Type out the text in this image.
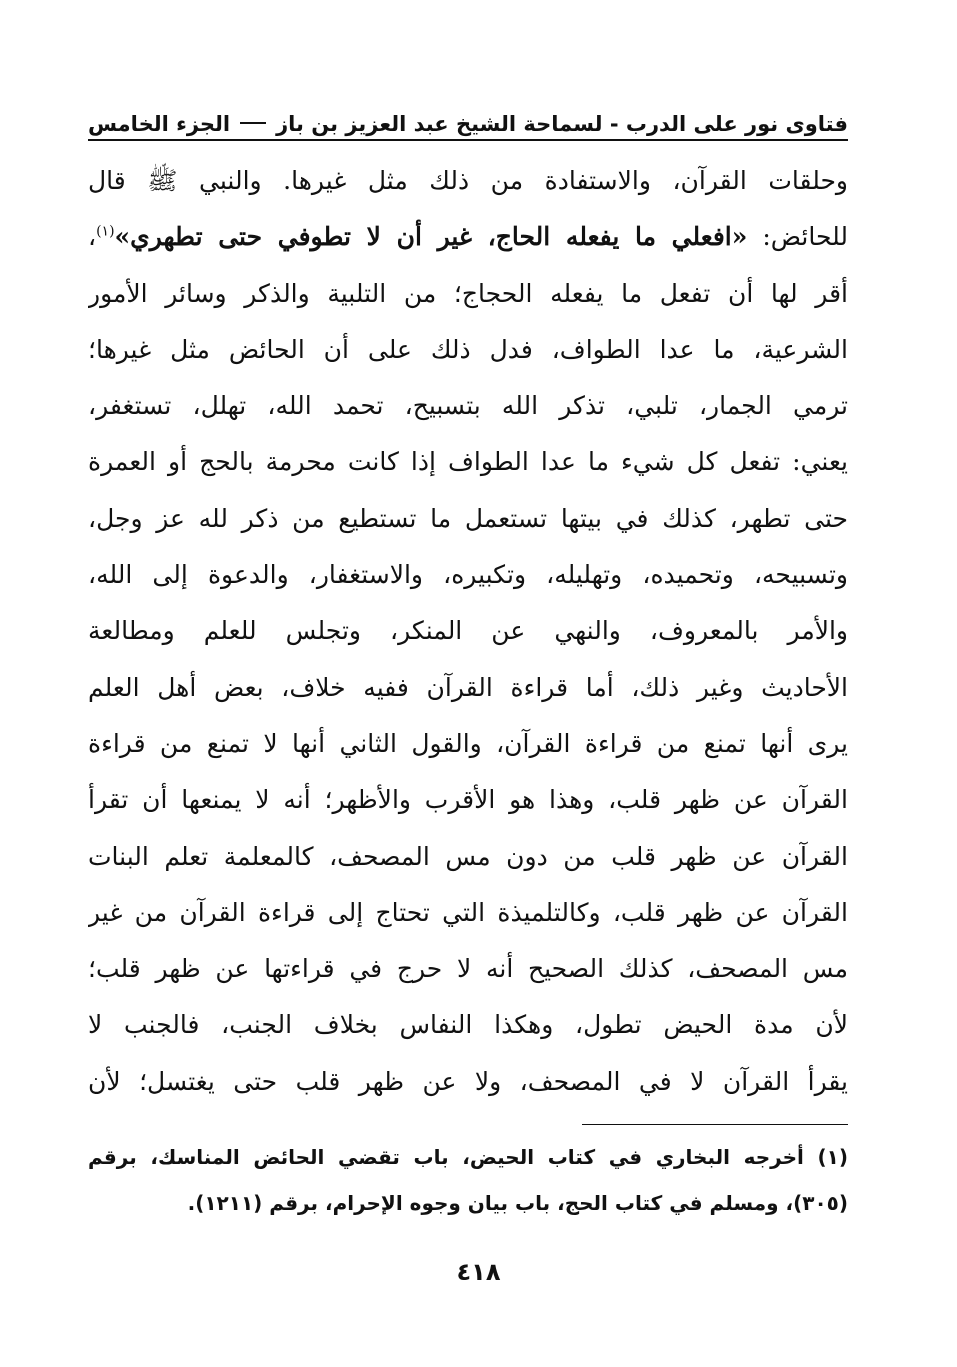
فتاوى نور على الدرب - لسماحة الشيخ عبد العزيز بن باز
الجزء الخامس
وحلقات القرآن، والاستفادة من ذلك مثل غيرها. والنبي ﷺ قال
للحائض: «افعلي ما يفعله الحاج، غير أن لا تطوفي حتى تطهري»$^{(١)}$،
أقر لها أن تفعل ما يفعله الحجاج؛ من التلبية والذكر وسائر الأمور
الشرعية، ما عدا الطواف، فدل ذلك على أن الحائض مثل غيرها؛
ترمي الجمار، تلبي، تذكر الله بتسبيح، تحمد الله، تهلل، تستغفر،
يعني: تفعل كل شيء ما عدا الطواف إذا كانت محرمة بالحج أو العمرة
حتى تطهر، كذلك في بيتها تستعمل ما تستطيع من ذكر لله عز وجل،
وتسبيحه، وتحميده، وتهليله، وتكبيره، والاستغفار، والدعوة إلى الله،
والأمر بالمعروف، والنهي عن المنكر، وتجلس للعلم ومطالعة
الأحاديث وغير ذلك، أما قراءة القرآن ففيه خلاف، بعض أهل العلم
يرى أنها تمنع من قراءة القرآن، والقول الثاني أنها لا تمنع من قراءة
القرآن عن ظهر قلب، وهذا هو الأقرب والأظهر؛ أنه لا يمنعها أن تقرأ
القرآن عن ظهر قلب من دون مس المصحف، كالمعلمة تعلم البنات
القرآن عن ظهر قلب، وكالتلميذة التي تحتاج إلى قراءة القرآن من غير
مس المصحف، كذلك الصحيح أنه لا حرج في قراءتها عن ظهر قلب؛
لأن مدة الحيض تطول، وهكذا النفاس بخلاف الجنب، فالجنب لا
يقرأ القرآن لا في المصحف، ولا عن ظهر قلب حتى يغتسل؛ لأن
(١) أخرجه البخاري في كتاب الحيض، باب تقضي الحائض المناسك، برقم
(٣٠٥)، ومسلم في كتاب الحج، باب بيان وجوه الإحرام، برقم (١٢١١).
٤١٨
